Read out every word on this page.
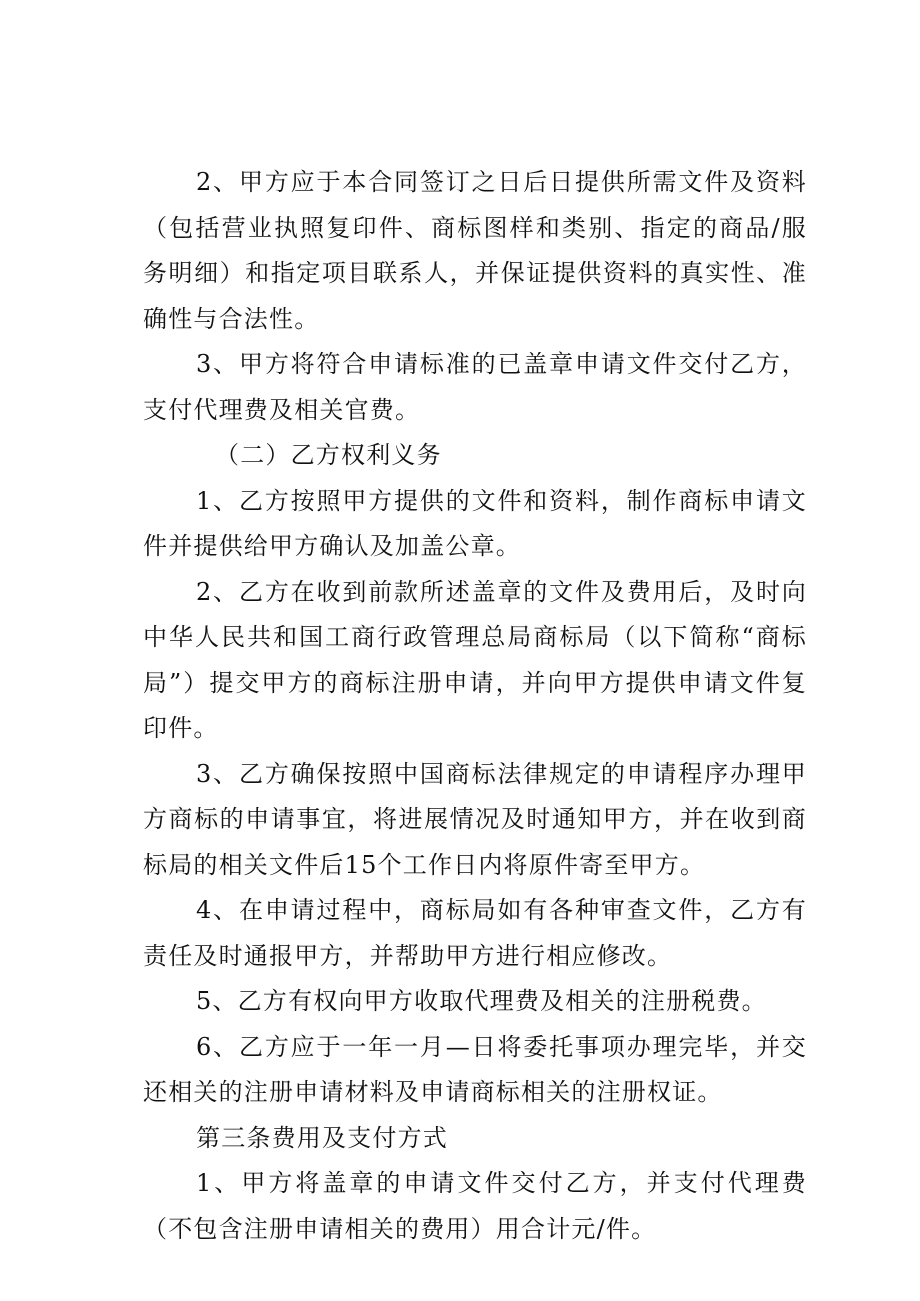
2、甲方应于本合同签订之日后日提供所需文件及资料（包括营业执照复印件、商标图样和类别、指定的商品/服务明细）和指定项目联系人，并保证提供资料的真实性、准确性与合法性。

3、甲方将符合申请标准的已盖章申请文件交付乙方，支付代理费及相关官费。

（二）乙方权利义务

1、乙方按照甲方提供的文件和资料，制作商标申请文件并提供给甲方确认及加盖公章。

2、乙方在收到前款所述盖章的文件及费用后，及时向中华人民共和国工商行政管理总局商标局（以下简称“商标局”）提交甲方的商标注册申请，并向甲方提供申请文件复印件。

3、乙方确保按照中国商标法律规定的申请程序办理甲方商标的申请事宜，将进展情况及时通知甲方，并在收到商标局的相关文件后15个工作日内将原件寄至甲方。

4、在申请过程中，商标局如有各种审查文件，乙方有责任及时通报甲方，并帮助甲方进行相应修改。

5、乙方有权向甲方收取代理费及相关的注册税费。

6、乙方应于一年一月—日将委托事项办理完毕，并交还相关的注册申请材料及申请商标相关的注册权证。

第三条费用及支付方式

1、甲方将盖章的申请文件交付乙方，并支付代理费（不包含注册申请相关的费用）用合计元/件。
